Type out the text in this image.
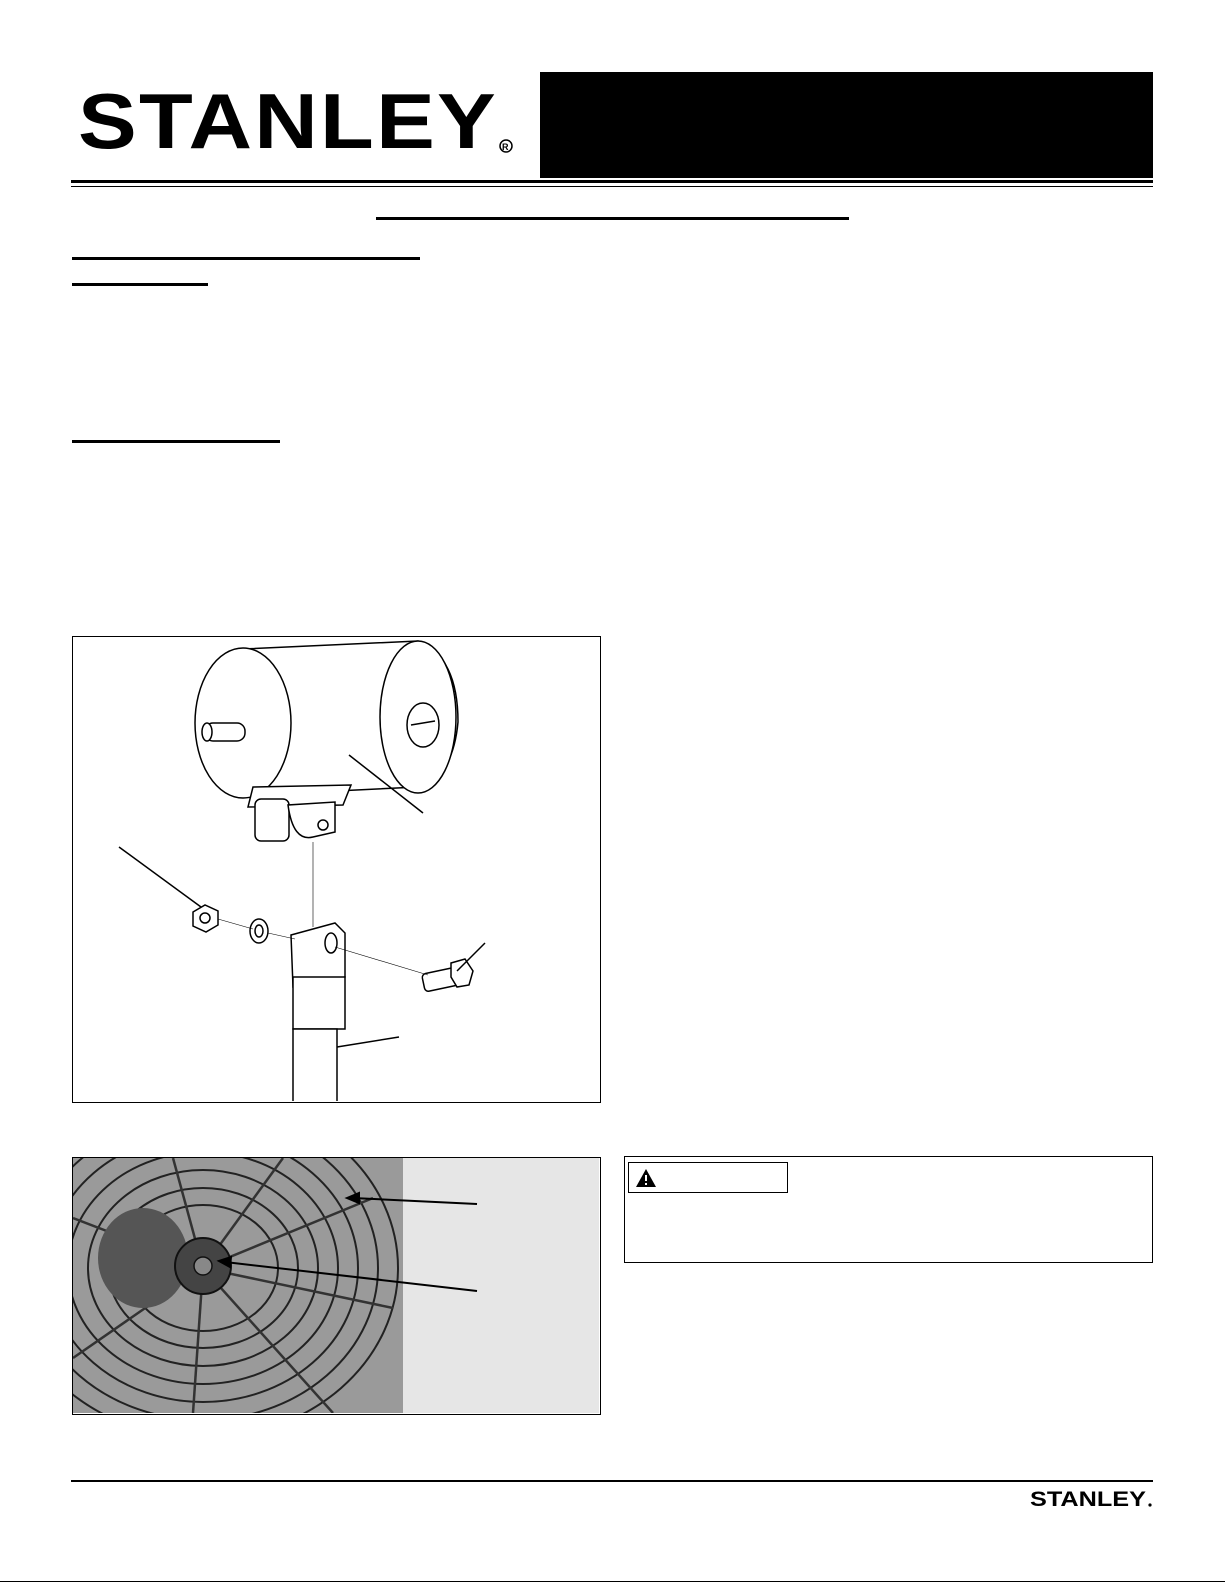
STANLEY R
STANLEY
